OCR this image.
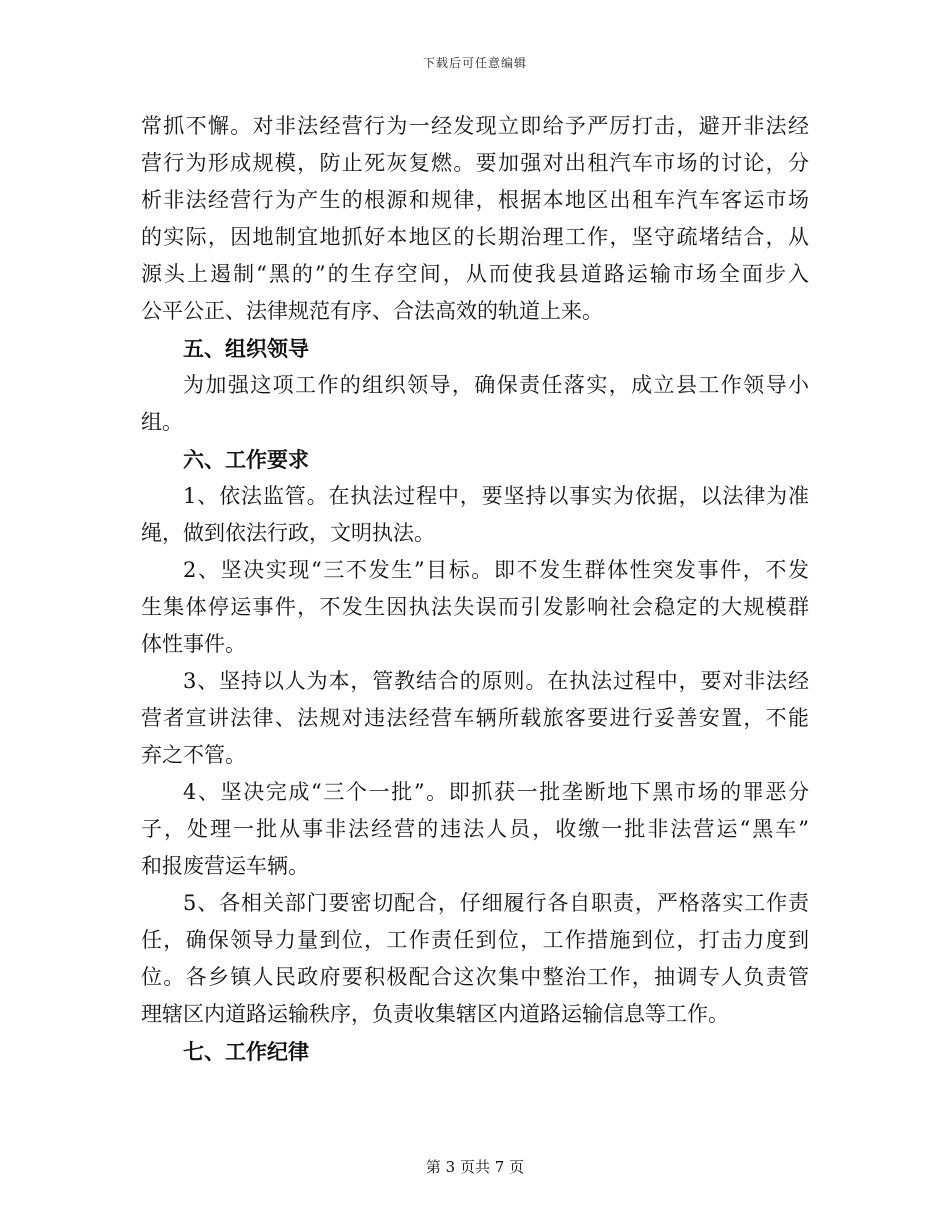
下载后可任意编辑
常抓不懈。对非法经营行为一经发现立即给予严厉打击，避开非法经
营行为形成规模，防止死灰复燃。要加强对出租汽车市场的讨论，分
析非法经营行为产生的根源和规律，根据本地区出租车汽车客运市场
的实际，因地制宜地抓好本地区的长期治理工作，坚守疏堵结合，从
源头上遏制“黑的”的生存空间，从而使我县道路运输市场全面步入
公平公正、法律规范有序、合法高效的轨道上来。
五、组织领导
为加强这项工作的组织领导，确保责任落实，成立县工作领导小
组。
六、工作要求
1、依法监管。在执法过程中，要坚持以事实为依据，以法律为准
绳，做到依法行政，文明执法。
2、坚决实现“三不发生”目标。即不发生群体性突发事件，不发
生集体停运事件，不发生因执法失误而引发影响社会稳定的大规模群
体性事件。
3、坚持以人为本，管教结合的原则。在执法过程中，要对非法经
营者宣讲法律、法规对违法经营车辆所载旅客要进行妥善安置，不能
弃之不管。
4、坚决完成“三个一批”。即抓获一批垄断地下黑市场的罪恶分
子，处理一批从事非法经营的违法人员，收缴一批非法营运“黑车”
和报废营运车辆。
5、各相关部门要密切配合，仔细履行各自职责，严格落实工作责
任，确保领导力量到位，工作责任到位，工作措施到位，打击力度到
位。各乡镇人民政府要积极配合这次集中整治工作，抽调专人负责管
理辖区内道路运输秩序，负责收集辖区内道路运输信息等工作。
七、工作纪律
第 3 页共 7 页
